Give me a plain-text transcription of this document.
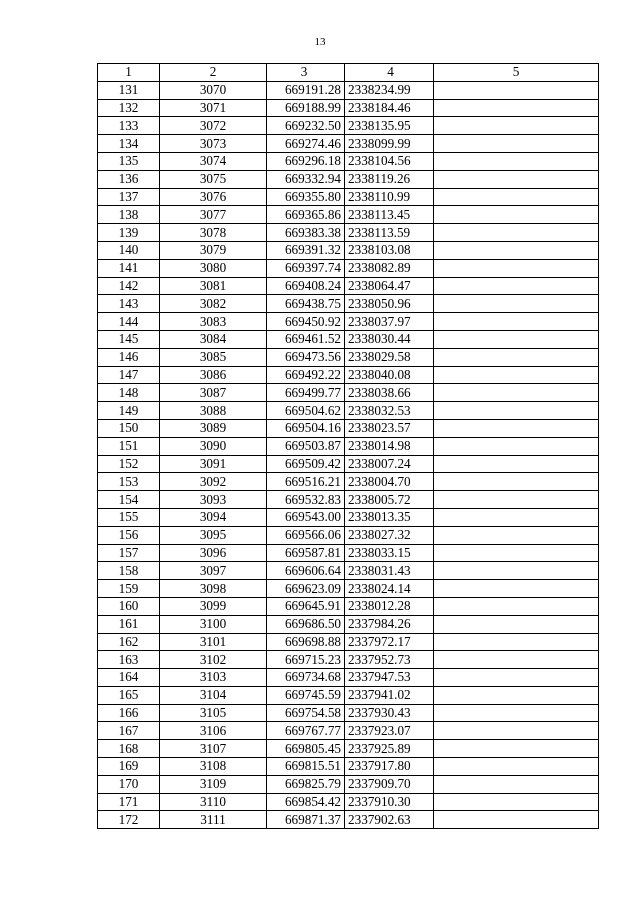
13
1	2	3	4	5
131	3070	669191.28	2338234.99	
132	3071	669188.99	2338184.46	
133	3072	669232.50	2338135.95	
134	3073	669274.46	2338099.99	
135	3074	669296.18	2338104.56	
136	3075	669332.94	2338119.26	
137	3076	669355.80	2338110.99	
138	3077	669365.86	2338113.45	
139	3078	669383.38	2338113.59	
140	3079	669391.32	2338103.08	
141	3080	669397.74	2338082.89	
142	3081	669408.24	2338064.47	
143	3082	669438.75	2338050.96	
144	3083	669450.92	2338037.97	
145	3084	669461.52	2338030.44	
146	3085	669473.56	2338029.58	
147	3086	669492.22	2338040.08	
148	3087	669499.77	2338038.66	
149	3088	669504.62	2338032.53	
150	3089	669504.16	2338023.57	
151	3090	669503.87	2338014.98	
152	3091	669509.42	2338007.24	
153	3092	669516.21	2338004.70	
154	3093	669532.83	2338005.72	
155	3094	669543.00	2338013.35	
156	3095	669566.06	2338027.32	
157	3096	669587.81	2338033.15	
158	3097	669606.64	2338031.43	
159	3098	669623.09	2338024.14	
160	3099	669645.91	2338012.28	
161	3100	669686.50	2337984.26	
162	3101	669698.88	2337972.17	
163	3102	669715.23	2337952.73	
164	3103	669734.68	2337947.53	
165	3104	669745.59	2337941.02	
166	3105	669754.58	2337930.43	
167	3106	669767.77	2337923.07	
168	3107	669805.45	2337925.89	
169	3108	669815.51	2337917.80	
170	3109	669825.79	2337909.70	
171	3110	669854.42	2337910.30	
172	3111	669871.37	2337902.63	
